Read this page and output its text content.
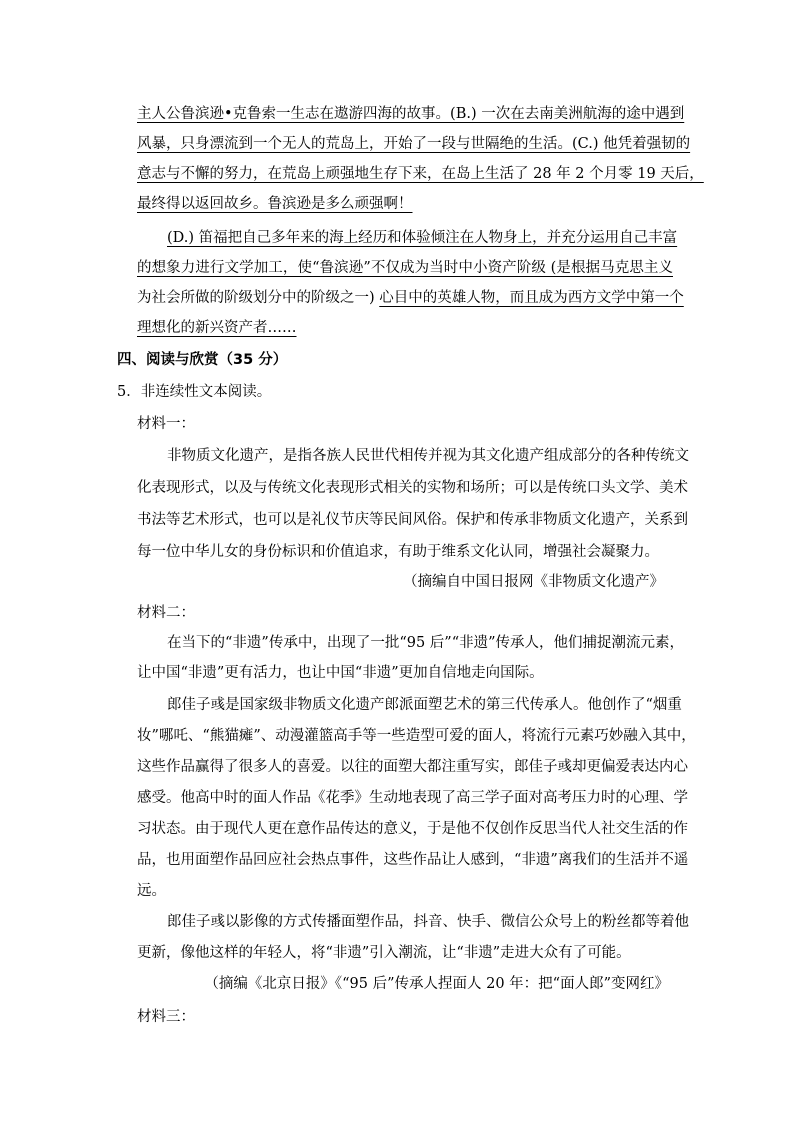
主人公鲁滨逊•克鲁索一生志在遨游四海的故事。(B.) 一次在去南美洲航海的途中遇到
风暴，只身漂流到一个无人的荒岛上，开始了一段与世隔绝的生活。(C.) 他凭着强韧的
意志与不懈的努力，在荒岛上顽强地生存下来，在岛上生活了 28 年 2 个月零 19 天后，
最终得以返回故乡。鲁滨逊是多么顽强啊！
(D.) 笛福把自己多年来的海上经历和体验倾注在人物身上，并充分运用自己丰富
的想象力进行文学加工，使“鲁滨逊”不仅成为当时中小资产阶级 (是根据马克思主义
为社会所做的阶级划分中的阶级之一) 心目中的英雄人物，而且成为西方文学中第一个
理想化的新兴资产者……
四、阅读与欣赏（35 分）
5．非连续性文本阅读。
材料一：
非物质文化遗产，是指各族人民世代相传并视为其文化遗产组成部分的各种传统文
化表现形式，以及与传统文化表现形式相关的实物和场所；可以是传统口头文学、美术
书法等艺术形式，也可以是礼仪节庆等民间风俗。保护和传承非物质文化遗产，关系到
每一位中华儿女的身份标识和价值追求，有助于维系文化认同，增强社会凝聚力。
（摘编自中国日报网《非物质文化遗产》
材料二：
在当下的“非遗”传承中，出现了一批“95 后”“非遗”传承人，他们捕捉潮流元素，
让中国“非遗”更有活力，也让中国“非遗”更加自信地走向国际。
郎佳子彧是国家级非物质文化遗产郎派面塑艺术的第三代传承人。他创作了“烟重
妆”哪吒、“熊猫瘫”、动漫灌篮高手等一些造型可爱的面人，将流行元素巧妙融入其中，
这些作品赢得了很多人的喜爱。以往的面塑大都注重写实，郎佳子彧却更偏爱表达内心
感受。他高中时的面人作品《花季》生动地表现了高三学子面对高考压力时的心理、学
习状态。由于现代人更在意作品传达的意义，于是他不仅创作反思当代人社交生活的作
品，也用面塑作品回应社会热点事件，这些作品让人感到，“非遗”离我们的生活并不遥
远。
郎佳子彧以影像的方式传播面塑作品，抖音、快手、微信公众号上的粉丝都等着他
更新，像他这样的年轻人，将“非遗”引入潮流，让“非遗”走进大众有了可能。
（摘编《北京日报》《“95 后”传承人捏面人 20 年：把“面人郎”变网红》
材料三：
